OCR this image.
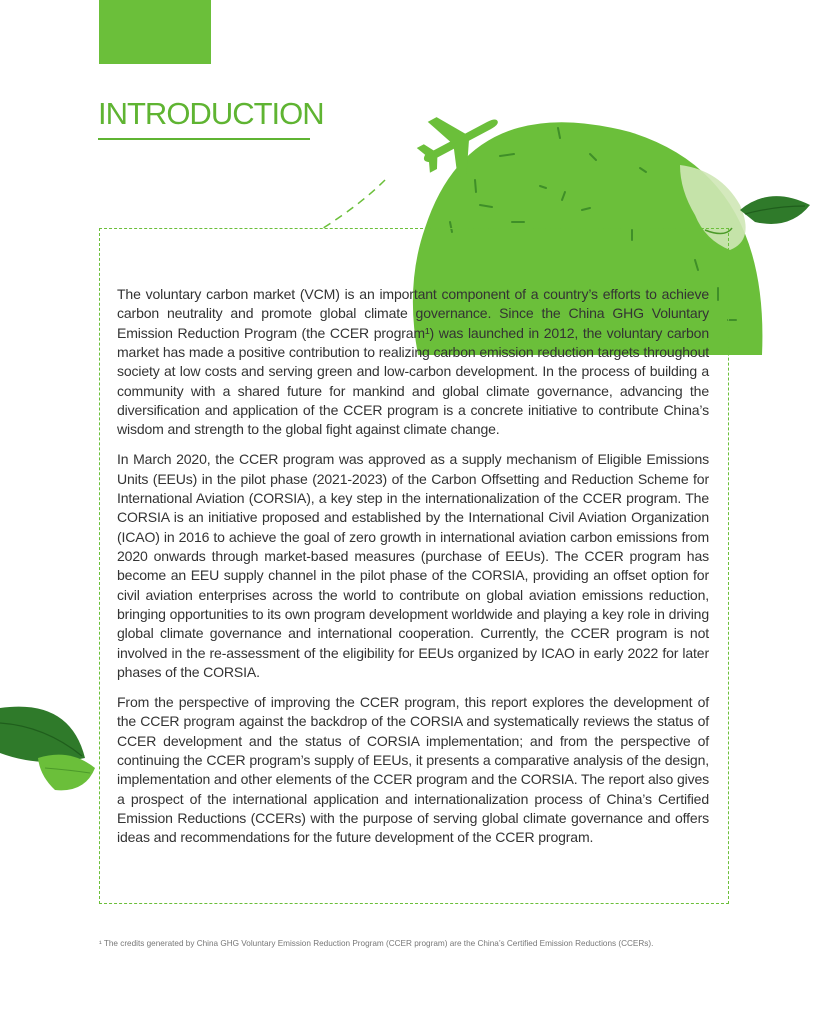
INTRODUCTION

The voluntary carbon market (VCM) is an important component of a country’s efforts to achieve carbon neutrality and promote global climate governance. Since the China GHG Voluntary Emission Reduction Program (the CCER program¹) was launched in 2012, the voluntary carbon market has made a positive contribution to realizing carbon emission reduction targets throughout society at low costs and serving green and low-carbon development. In the process of building a community with a shared future for mankind and global climate governance, advancing the diversification and application of the CCER program is a concrete initiative to contribute China’s wisdom and strength to the global fight against climate change.

In March 2020, the CCER program was approved as a supply mechanism of Eligible Emissions Units (EEUs) in the pilot phase (2021-2023) of the Carbon Offsetting and Reduction Scheme for International Aviation (CORSIA), a key step in the internationalization of the CCER program. The CORSIA is an initiative proposed and established by the International Civil Aviation Organization (ICAO) in 2016 to achieve the goal of zero growth in international aviation carbon emissions from 2020 onwards through market-based measures (purchase of EEUs). The CCER program has become an EEU supply channel in the pilot phase of the CORSIA, providing an offset option for civil aviation enterprises across the world to contribute on global aviation emissions reduction, bringing opportunities to its own program development worldwide and playing a key role in driving global climate governance and international cooperation. Currently, the CCER program is not involved in the re-assessment of the eligibility for EEUs organized by ICAO in early 2022 for later phases of the CORSIA.

From the perspective of improving the CCER program, this report explores the development of the CCER program against the backdrop of the CORSIA and systematically reviews the status of CCER development and the status of CORSIA implementation; and from the perspective of continuing the CCER program’s supply of EEUs, it presents a comparative analysis of the design, implementation and other elements of the CCER program and the CORSIA. The report also gives a prospect of the international application and internationalization process of China’s Certified Emission Reductions (CCERs) with the purpose of serving global climate governance and offers ideas and recommendations for the future development of the CCER program.

¹ The credits generated by China GHG Voluntary Emission Reduction Program (CCER program) are the China’s Certified Emission Reductions (CCERs).
